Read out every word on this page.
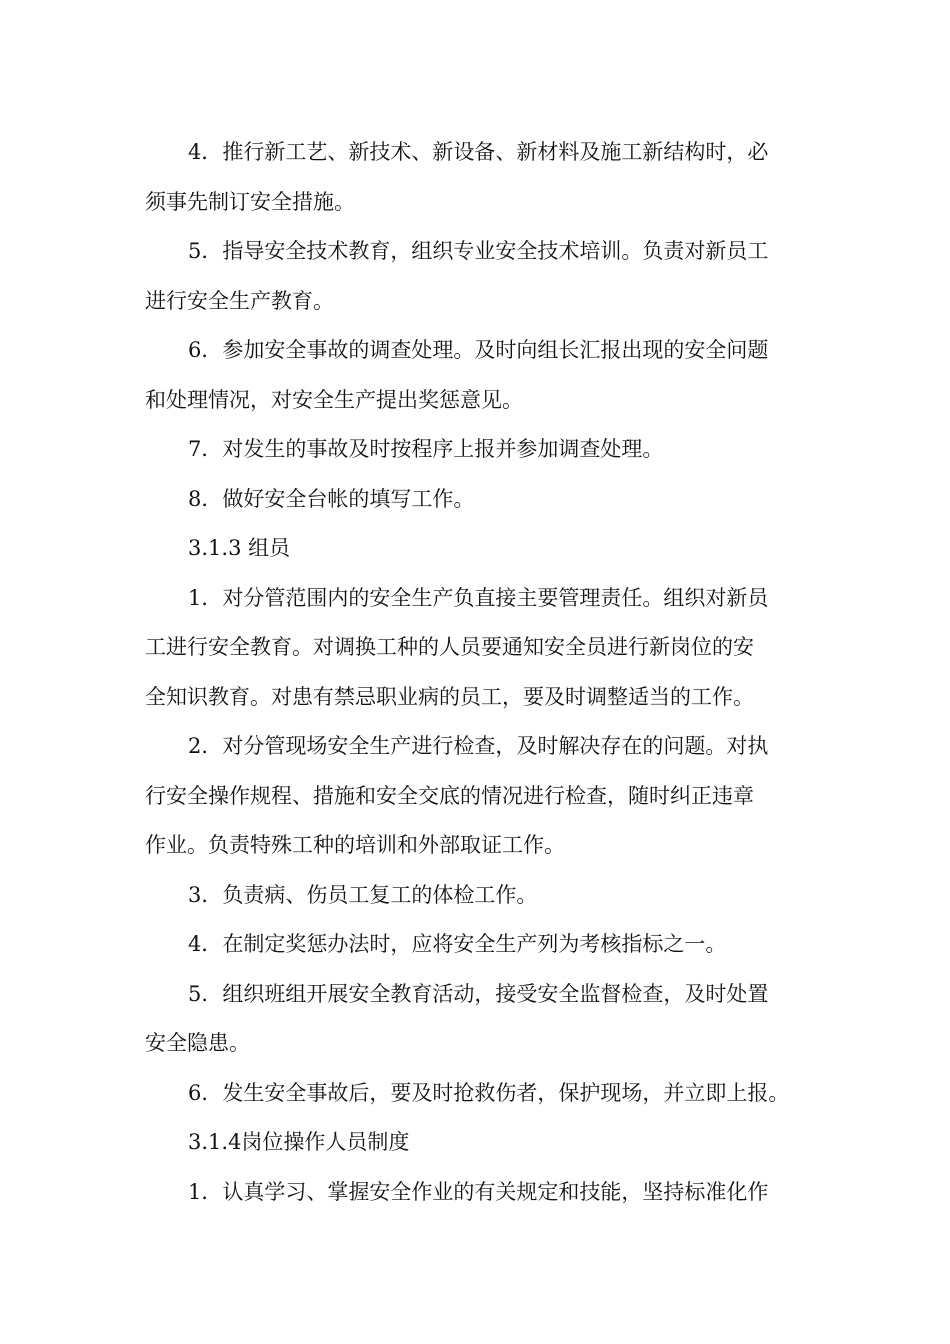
4．推行新工艺、新技术、新设备、新材料及施工新结构时，必
须事先制订安全措施。
5．指导安全技术教育，组织专业安全技术培训。负责对新员工
进行安全生产教育。
6．参加安全事故的调查处理。及时向组长汇报出现的安全问题
和处理情况，对安全生产提出奖惩意见。
7．对发生的事故及时按程序上报并参加调查处理。
8．做好安全台帐的填写工作。
3.1.3 组员
1．对分管范围内的安全生产负直接主要管理责任。组织对新员
工进行安全教育。对调换工种的人员要通知安全员进行新岗位的安
全知识教育。对患有禁忌职业病的员工，要及时调整适当的工作。
2．对分管现场安全生产进行检查，及时解决存在的问题。对执
行安全操作规程、措施和安全交底的情况进行检查，随时纠正违章
作业。负责特殊工种的培训和外部取证工作。
3．负责病、伤员工复工的体检工作。
4．在制定奖惩办法时，应将安全生产列为考核指标之一。
5．组织班组开展安全教育活动，接受安全监督检查，及时处置
安全隐患。
6．发生安全事故后，要及时抢救伤者，保护现场，并立即上报。
3.1.4岗位操作人员制度
1．认真学习、掌握安全作业的有关规定和技能，坚持标准化作
